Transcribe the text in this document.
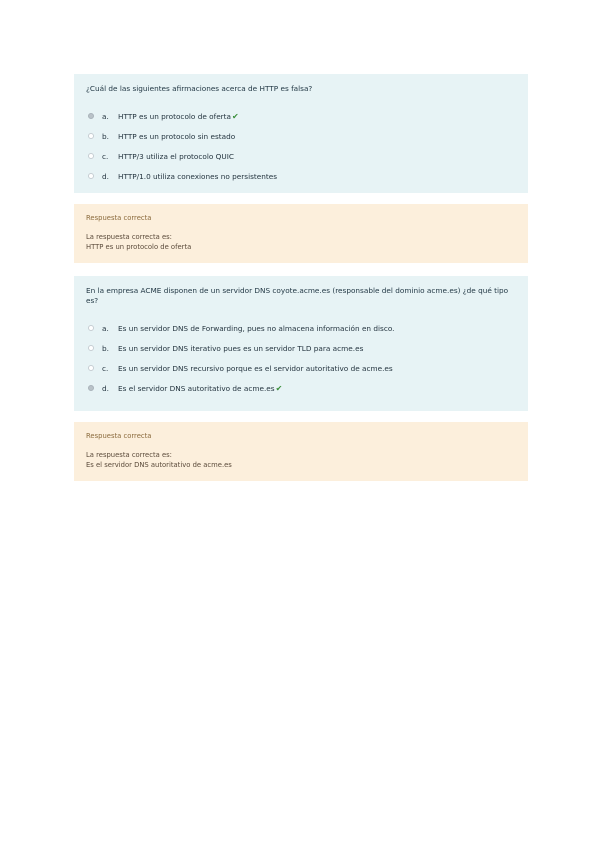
¿Cuál de las siguientes afirmaciones acerca de HTTP es falsa?

a.	HTTP es un protocolo de oferta ✔
b.	HTTP es un protocolo sin estado
c.	HTTP/3 utiliza el protocolo QUIC
d.	HTTP/1.0 utiliza conexiones no persistentes

Respuesta correcta

La respuesta correcta es:

HTTP es un protocolo de oferta

En la empresa ACME disponen de un servidor DNS coyote.acme.es (responsable del dominio acme.es) ¿de qué tipo es?

a.	Es un servidor DNS de Forwarding, pues no almacena información en disco.
b.	Es un servidor DNS iterativo pues es un servidor TLD para acme.es
c.	Es un servidor DNS recursivo porque es el servidor autoritativo de acme.es
d.	Es el servidor DNS autoritativo de acme.es ✔

Respuesta correcta

La respuesta correcta es:

Es el servidor DNS autoritativo de acme.es
